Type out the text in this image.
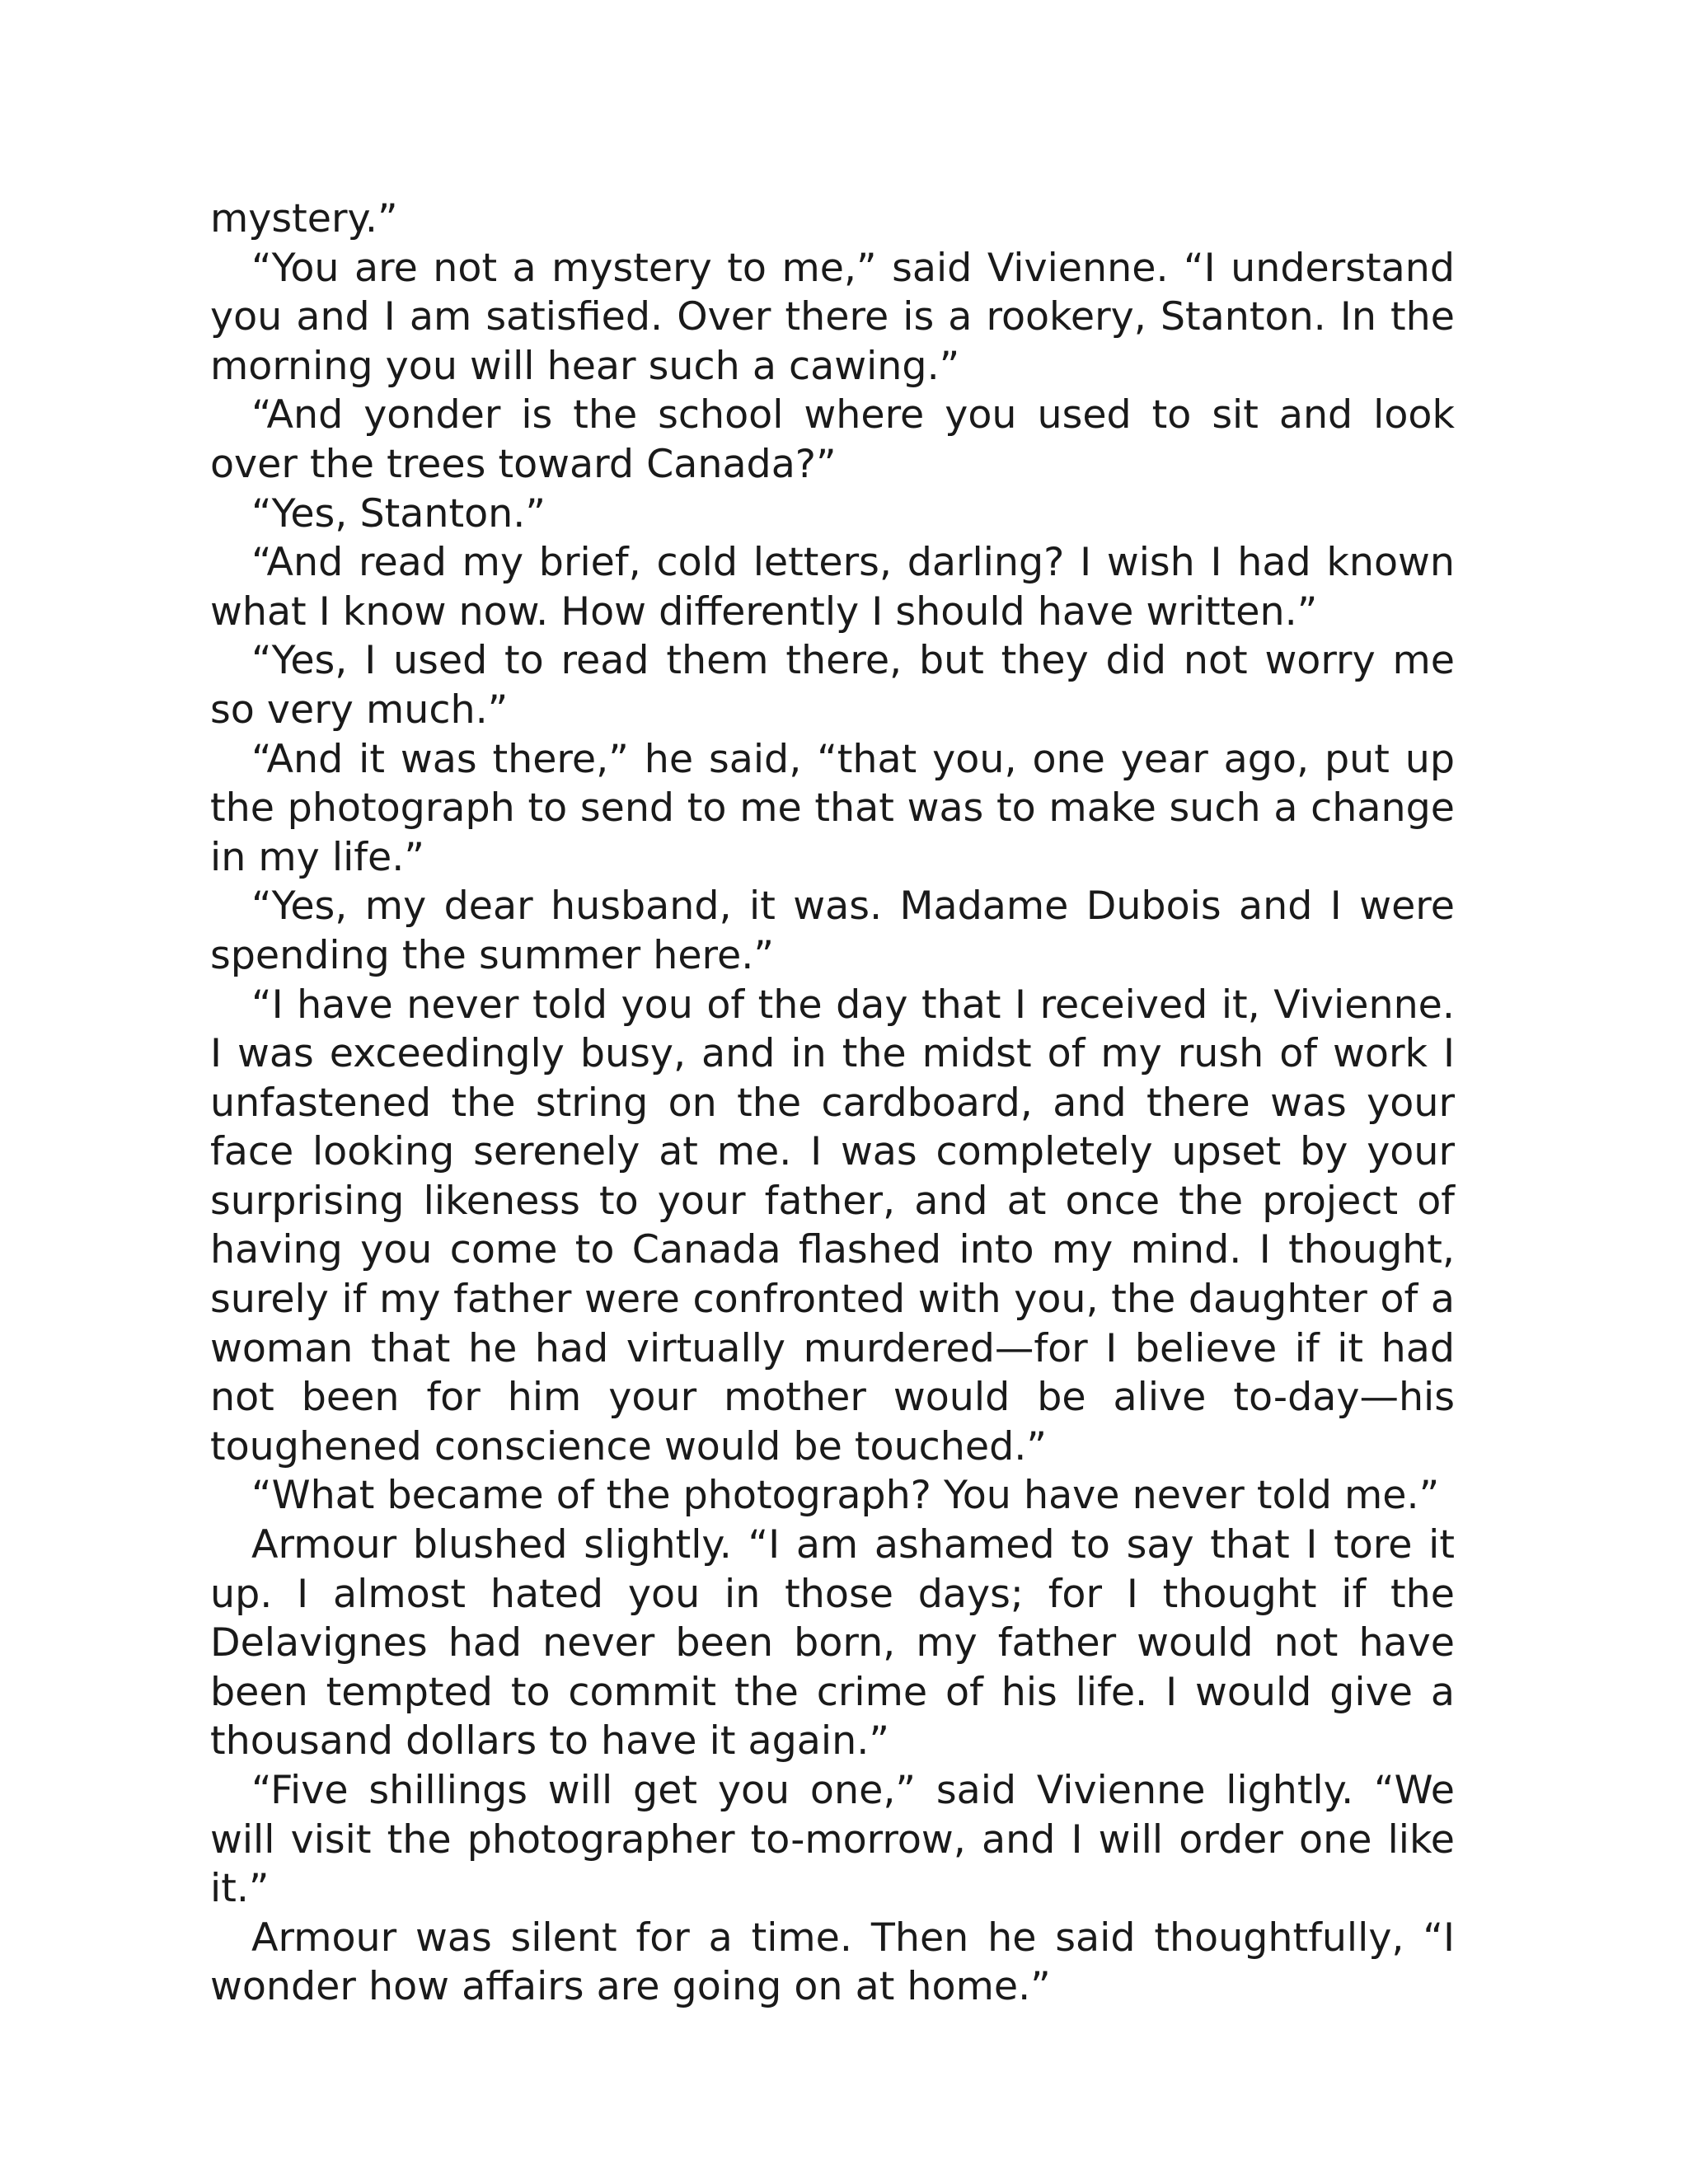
mystery.”

“You are not a mystery to me,” said Vivienne. “I understand you and I am satisfied. Over there is a rookery, Stanton. In the morning you will hear such a cawing.”

“And yonder is the school where you used to sit and look over the trees toward Canada?”

“Yes, Stanton.”

“And read my brief, cold letters, darling? I wish I had known what I know now. How differently I should have written.”

“Yes, I used to read them there, but they did not worry me so very much.”

“And it was there,” he said, “that you, one year ago, put up the photograph to send to me that was to make such a change in my life.”

“Yes, my dear husband, it was. Madame Dubois and I were spending the summer here.”

“I have never told you of the day that I received it, Vivienne. I was exceedingly busy, and in the midst of my rush of work I unfastened the string on the cardboard, and there was your face looking serenely at me. I was completely upset by your surprising likeness to your father, and at once the project of having you come to Canada flashed into my mind. I thought, surely if my father were confronted with you, the daughter of a woman that he had virtually murdered—for I believe if it had not been for him your mother would be alive to-day—his toughened conscience would be touched.”

“What became of the photograph? You have never told me.”

Armour blushed slightly. “I am ashamed to say that I tore it up. I almost hated you in those days; for I thought if the Delavignes had never been born, my father would not have been tempted to commit the crime of his life. I would give a thousand dollars to have it again.”

“Five shillings will get you one,” said Vivienne lightly. “We will visit the photographer to-morrow, and I will order one like it.”

Armour was silent for a time. Then he said thoughtfully, “I wonder how affairs are going on at home.”
